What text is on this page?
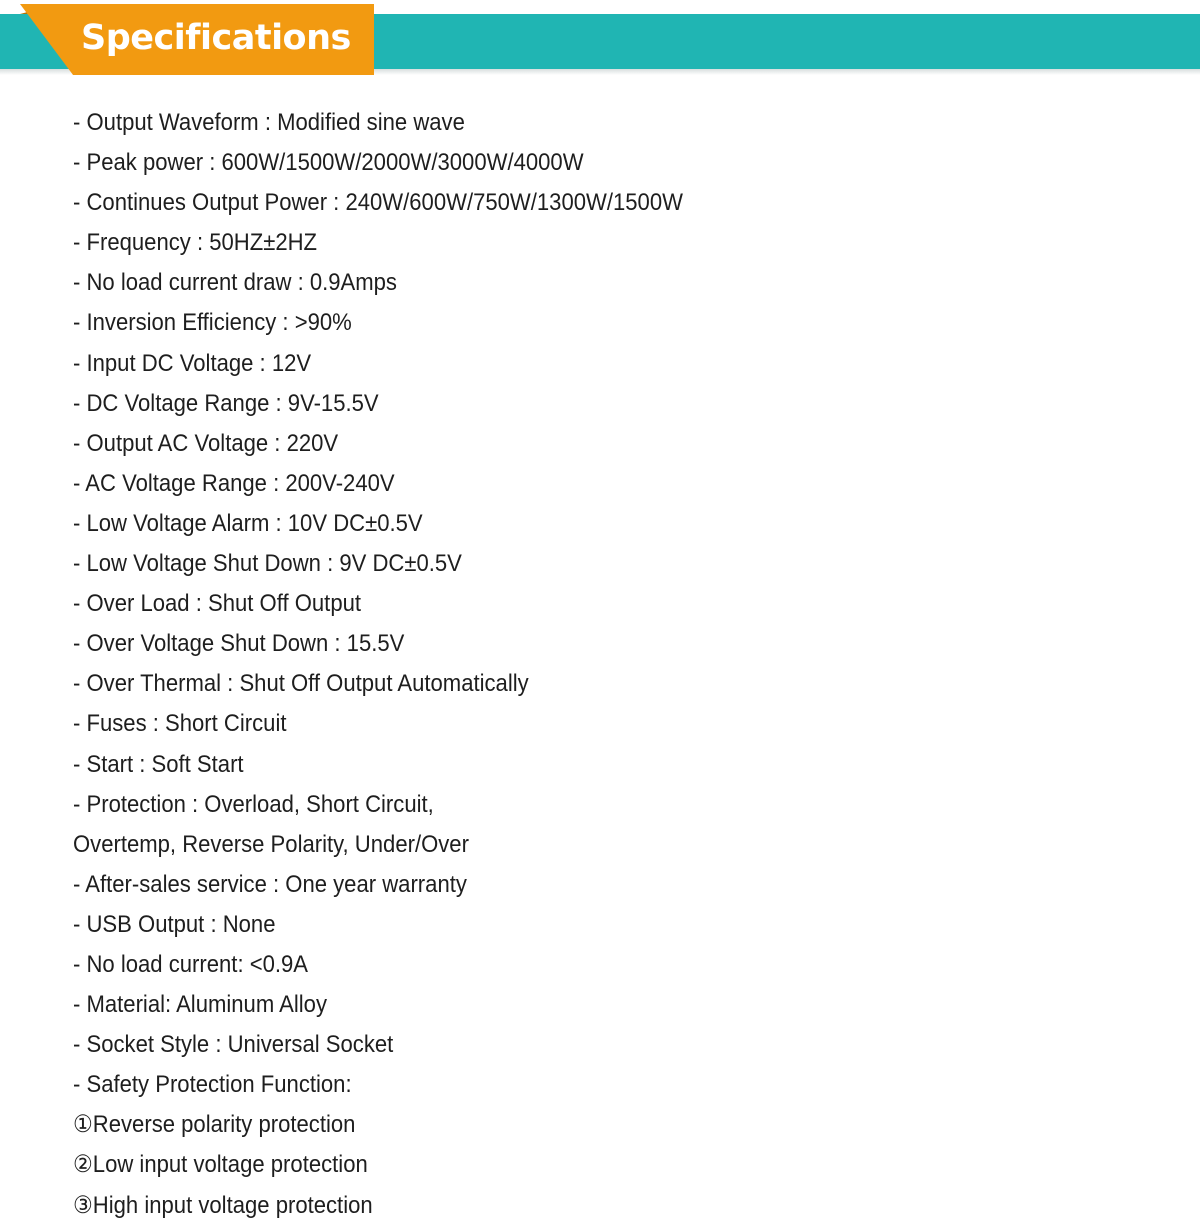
Specifications
- Output Waveform : Modified sine wave
- Peak power : 600W/1500W/2000W/3000W/4000W
- Continues Output Power : 240W/600W/750W/1300W/1500W
- Frequency : 50HZ±2HZ
- No load current draw : 0.9Amps
- Inversion Efficiency : >90%
- Input DC Voltage : 12V
- DC Voltage Range : 9V-15.5V
- Output AC Voltage : 220V
- AC Voltage Range : 200V-240V
- Low Voltage Alarm : 10V DC±0.5V
- Low Voltage Shut Down : 9V DC±0.5V
- Over Load : Shut Off Output
- Over Voltage Shut Down : 15.5V
- Over Thermal : Shut Off Output Automatically
- Fuses : Short Circuit
- Start : Soft Start
- Protection : Overload, Short Circuit,
Overtemp, Reverse Polarity, Under/Over
- After-sales service : One year warranty
- USB Output : None
- No load current: <0.9A
- Material: Aluminum Alloy
- Socket Style : Universal Socket
- Safety Protection Function:
①Reverse polarity protection
②Low input voltage protection
③High input voltage protection
